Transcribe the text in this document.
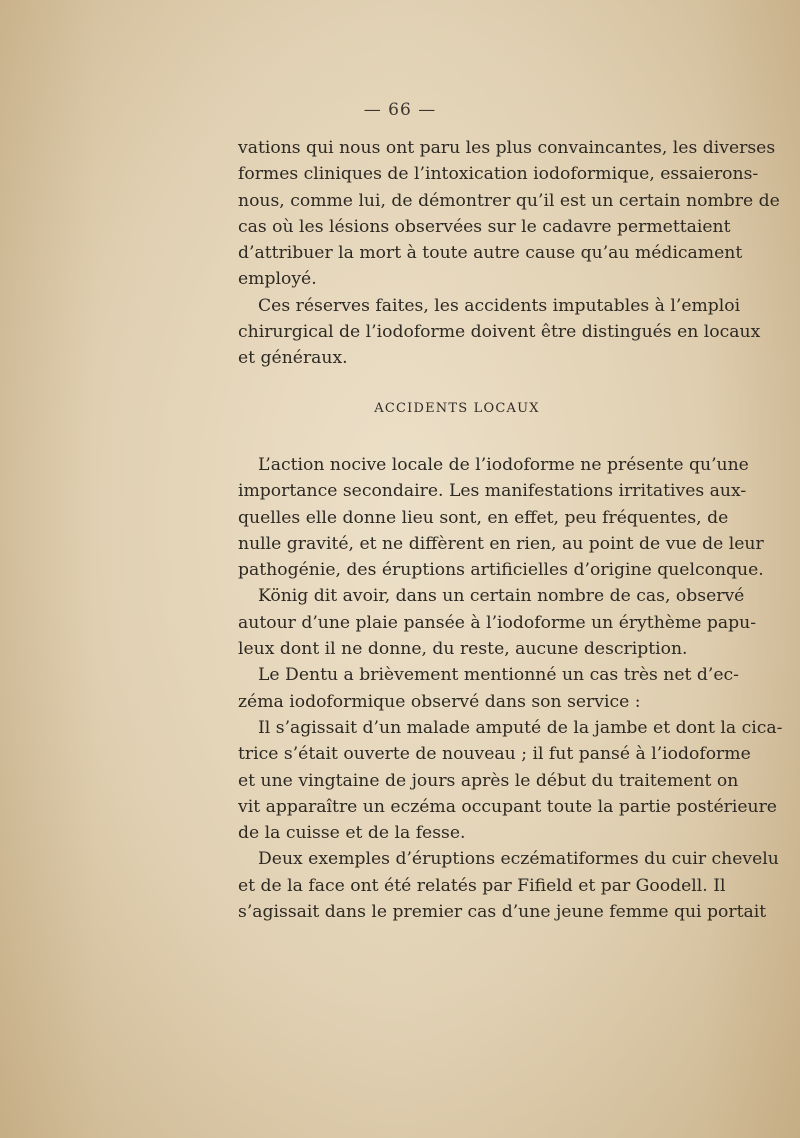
— 66 —
vations qui nous ont paru les plus convaincantes, les diverses
formes cliniques de l’intoxication iodoformique, essaierons-
nous, comme lui, de démontrer qu’il est un certain nombre de
cas où les lésions observées sur le cadavre permettaient
d’attribuer la mort à toute autre cause qu’au médicament
employé.
Ces réserves faites, les accidents imputables à l’emploi
chirurgical de l’iodoforme doivent être distingués en locaux
et généraux.
ACCIDENTS LOCAUX
L’action nocive locale de l’iodoforme ne présente qu’une
importance secondaire. Les manifestations irritatives aux-
quelles elle donne lieu sont, en effet, peu fréquentes, de
nulle gravité, et ne diffèrent en rien, au point de vue de leur
pathogénie, des éruptions artificielles d’origine quelconque.
König dit avoir, dans un certain nombre de cas, observé
autour d’une plaie pansée à l’iodoforme un érythème papu-
leux dont il ne donne, du reste, aucune description.
Le Dentu a brièvement mentionné un cas très net d’ec-
zéma iodoformique observé dans son service :
Il s’agissait d’un malade amputé de la jambe et dont la cica-
trice s’était ouverte de nouveau ; il fut pansé à l’iodoforme
et une vingtaine de jours après le début du traitement on
vit apparaître un eczéma occupant toute la partie postérieure
de la cuisse et de la fesse.
Deux exemples d’éruptions eczématiformes du cuir chevelu
et de la face ont été relatés par Fifield et par Goodell. Il
s’agissait dans le premier cas d’une jeune femme qui portait
